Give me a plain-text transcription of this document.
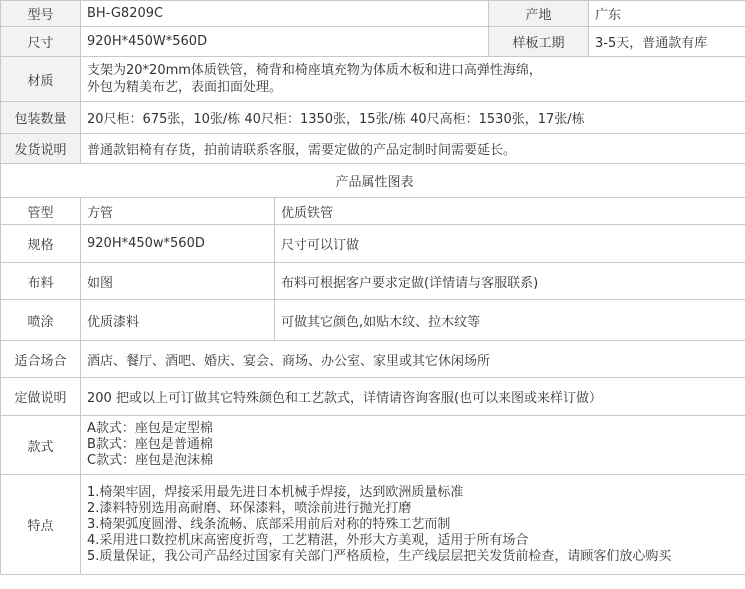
型号	BH-G8209C	产地	广东
尺寸	920H*450W*560D	样板工期	3-5天，普通款有库
材质	支架为20*20mm体质铁管，椅背和椅座填充物为体质木板和进口高弹性海绵，
外包为精美布艺，表面扣面处理。		

包装数量	20尺柜：675张，10张/栋 40尺柜：1350张，15张/栋 40尺高柜：1530张，17张/栋		
发货说明	普通款铝椅有存货，拍前请联系客服，需要定做的产品定制时间需要延长。		
产品属性图表		
管型	方管	优质铁管
规格	920H*450w*560D	尺寸可以订做
布料	如图	布料可根据客户要求定做(详情请与客服联系)
喷涂	优质漆料	可做其它颜色,如贴木纹、拉木纹等
适合场合	酒店、餐厅、酒吧、婚庆、宴会、商场、办公室、家里或其它休闲场所	
定做说明	200 把或以上可订做其它特殊颜色和工艺款式，详情请咨询客服(也可以来图或来样订做）	
款式	A款式：座包是定型棉
B款式：座包是普通棉
C款式：座包是泡沫棉	

特点	1.椅架牢固，焊接采用最先进日本机械手焊接，达到欧洲质量标准
2.漆料特别选用高耐磨、环保漆料，喷涂前进行抛光打磨
3.椅架弧度圆滑、线条流畅、底部采用前后对称的特殊工艺而制
4.采用进口数控机床高密度折弯，工艺精湛，外形大方美观，适用于所有场合
5.质量保证，我公司产品经过国家有关部门严格质检，生产线层层把关发货前检查，请顾客们放心购买	
